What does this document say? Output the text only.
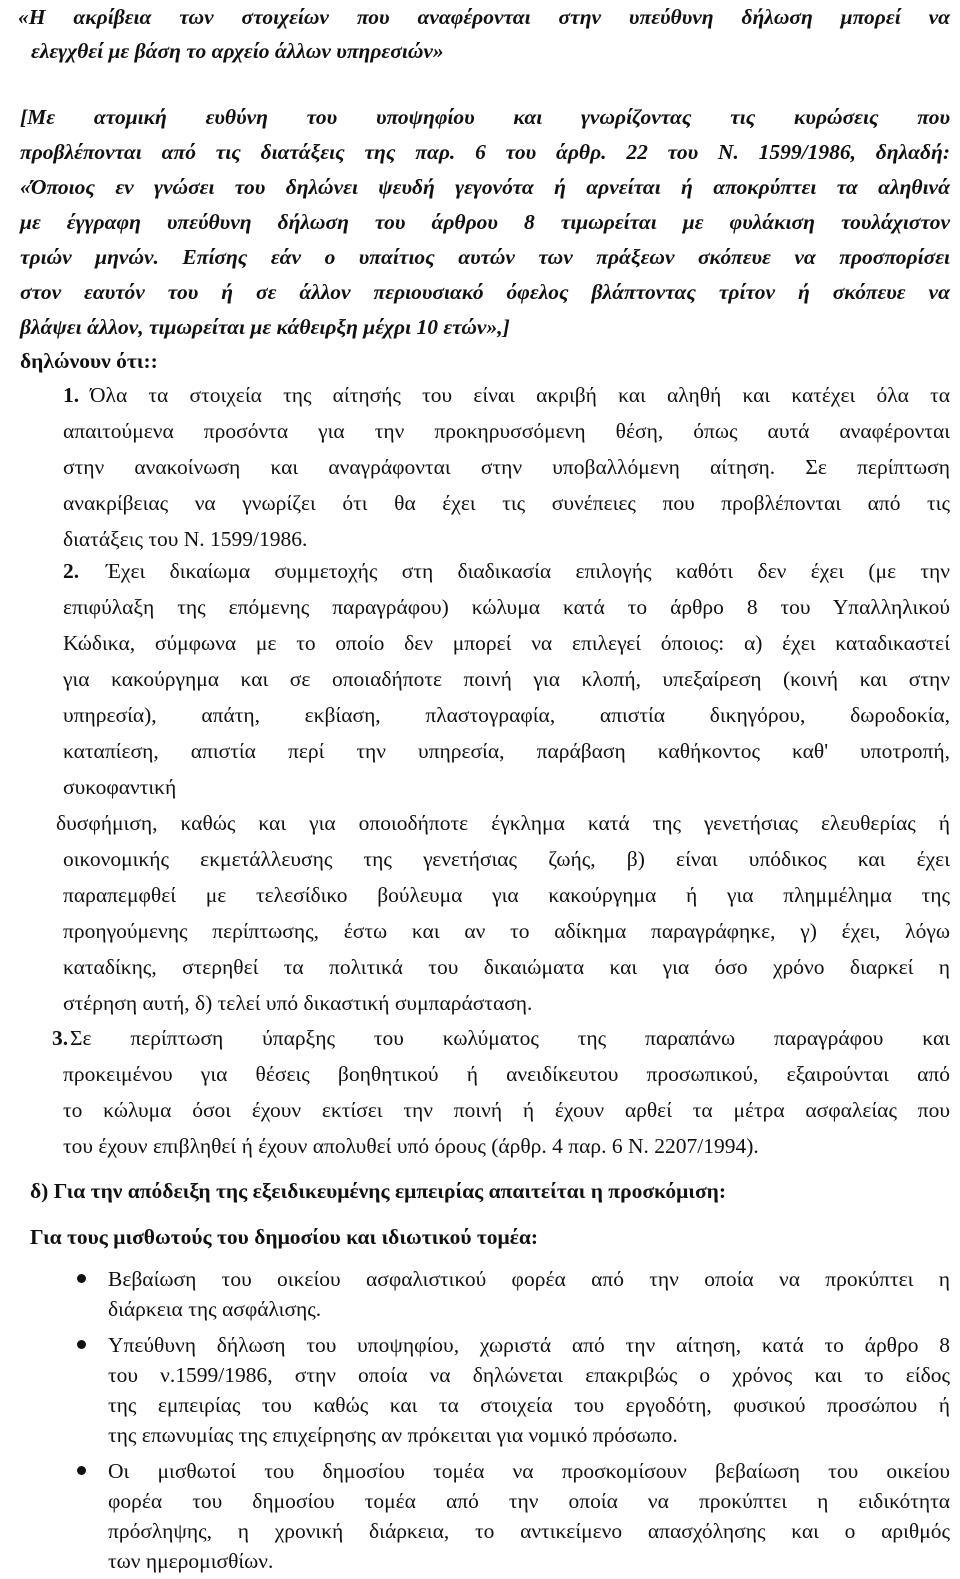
«Η ακρίβεια των στοιχείων που αναφέρονται στην υπεύθυνη δήλωση μπορεί να
ελεγχθεί με βάση το αρχείο άλλων υπηρεσιών»
[Με ατομική ευθύνη του υποψηφίου και γνωρίζοντας τις κυρώσεις που
προβλέπονται από τις διατάξεις της παρ. 6 του άρθρ. 22 του Ν. 1599/1986, δηλαδή:
«Όποιος εν γνώσει του δηλώνει ψευδή γεγονότα ή αρνείται ή αποκρύπτει τα αληθινά
με έγγραφη υπεύθυνη δήλωση του άρθρου 8 τιμωρείται με φυλάκιση τουλάχιστον
τριών μηνών. Επίσης εάν ο υπαίτιος αυτών των πράξεων σκόπευε να προσπορίσει
στον εαυτόν του ή σε άλλον περιουσιακό όφελος βλάπτοντας τρίτον ή σκόπευε να
βλάψει άλλον, τιμωρείται με κάθειρξη μέχρι 10 ετών»,]
δηλώνουν ότι::
1. Όλα τα στοιχεία της αίτησής του είναι ακριβή και αληθή και κατέχει όλα τα
απαιτούμενα προσόντα για την προκηρυσσόμενη θέση, όπως αυτά αναφέρονται
στην ανακοίνωση και αναγράφονται στην υποβαλλόμενη αίτηση. Σε περίπτωση
ανακρίβειας να γνωρίζει ότι θα έχει τις συνέπειες που προβλέπονται από τις
διατάξεις του Ν. 1599/1986.
2. Έχει δικαίωμα συμμετοχής στη διαδικασία επιλογής καθότι δεν έχει (με την
επιφύλαξη της επόμενης παραγράφου) κώλυμα κατά το άρθρο 8 του Υπαλληλικού
Κώδικα, σύμφωνα με το οποίο δεν μπορεί να επιλεγεί όποιος: α) έχει καταδικαστεί
για κακούργημα και σε οποιαδήποτε ποινή για κλοπή, υπεξαίρεση (κοινή και στην
υπηρεσία), απάτη, εκβίαση, πλαστογραφία, απιστία δικηγόρου, δωροδοκία,
καταπίεση, απιστία περί την υπηρεσία, παράβαση καθήκοντος καθ' υποτροπή,
συκοφαντική
δυσφήμιση, καθώς και για οποιοδήποτε έγκλημα κατά της γενετήσιας ελευθερίας ή
οικονομικής εκμετάλλευσης της γενετήσιας ζωής, β) είναι υπόδικος και έχει
παραπεμφθεί με τελεσίδικο βούλευμα για κακούργημα ή για πλημμέλημα της
προηγούμενης περίπτωσης, έστω και αν το αδίκημα παραγράφηκε, γ) έχει, λόγω
καταδίκης, στερηθεί τα πολιτικά του δικαιώματα και για όσο χρόνο διαρκεί η
στέρηση αυτή, δ) τελεί υπό δικαστική συμπαράσταση.
3. Σε περίπτωση ύπαρξης του κωλύματος της παραπάνω παραγράφου και
προκειμένου για θέσεις βοηθητικού ή ανειδίκευτου προσωπικού, εξαιρούνται από
το κώλυμα όσοι έχουν εκτίσει την ποινή ή έχουν αρθεί τα μέτρα ασφαλείας που
του έχουν επιβληθεί ή έχουν απολυθεί υπό όρους (άρθρ. 4 παρ. 6 Ν. 2207/1994).
δ) Για την απόδειξη της εξειδικευμένης εμπειρίας απαιτείται η προσκόμιση:
Για τους μισθωτούς του δημοσίου και ιδιωτικού τομέα:
Βεβαίωση του οικείου ασφαλιστικού φορέα από την οποία να προκύπτει η
διάρκεια της ασφάλισης.
Υπεύθυνη δήλωση του υποψηφίου, χωριστά από την αίτηση, κατά το άρθρο 8
του ν.1599/1986, στην οποία να δηλώνεται επακριβώς ο χρόνος και το είδος
της εμπειρίας του καθώς και τα στοιχεία του εργοδότη, φυσικού προσώπου ή
της επωνυμίας της επιχείρησης αν πρόκειται για νομικό πρόσωπο.
Οι μισθωτοί του δημοσίου τομέα να προσκομίσουν βεβαίωση του οικείου
φορέα του δημοσίου τομέα από την οποία να προκύπτει η ειδικότητα
πρόσληψης, η χρονική διάρκεια, το αντικείμενο απασχόλησης και ο αριθμός
των ημερομισθίων.
